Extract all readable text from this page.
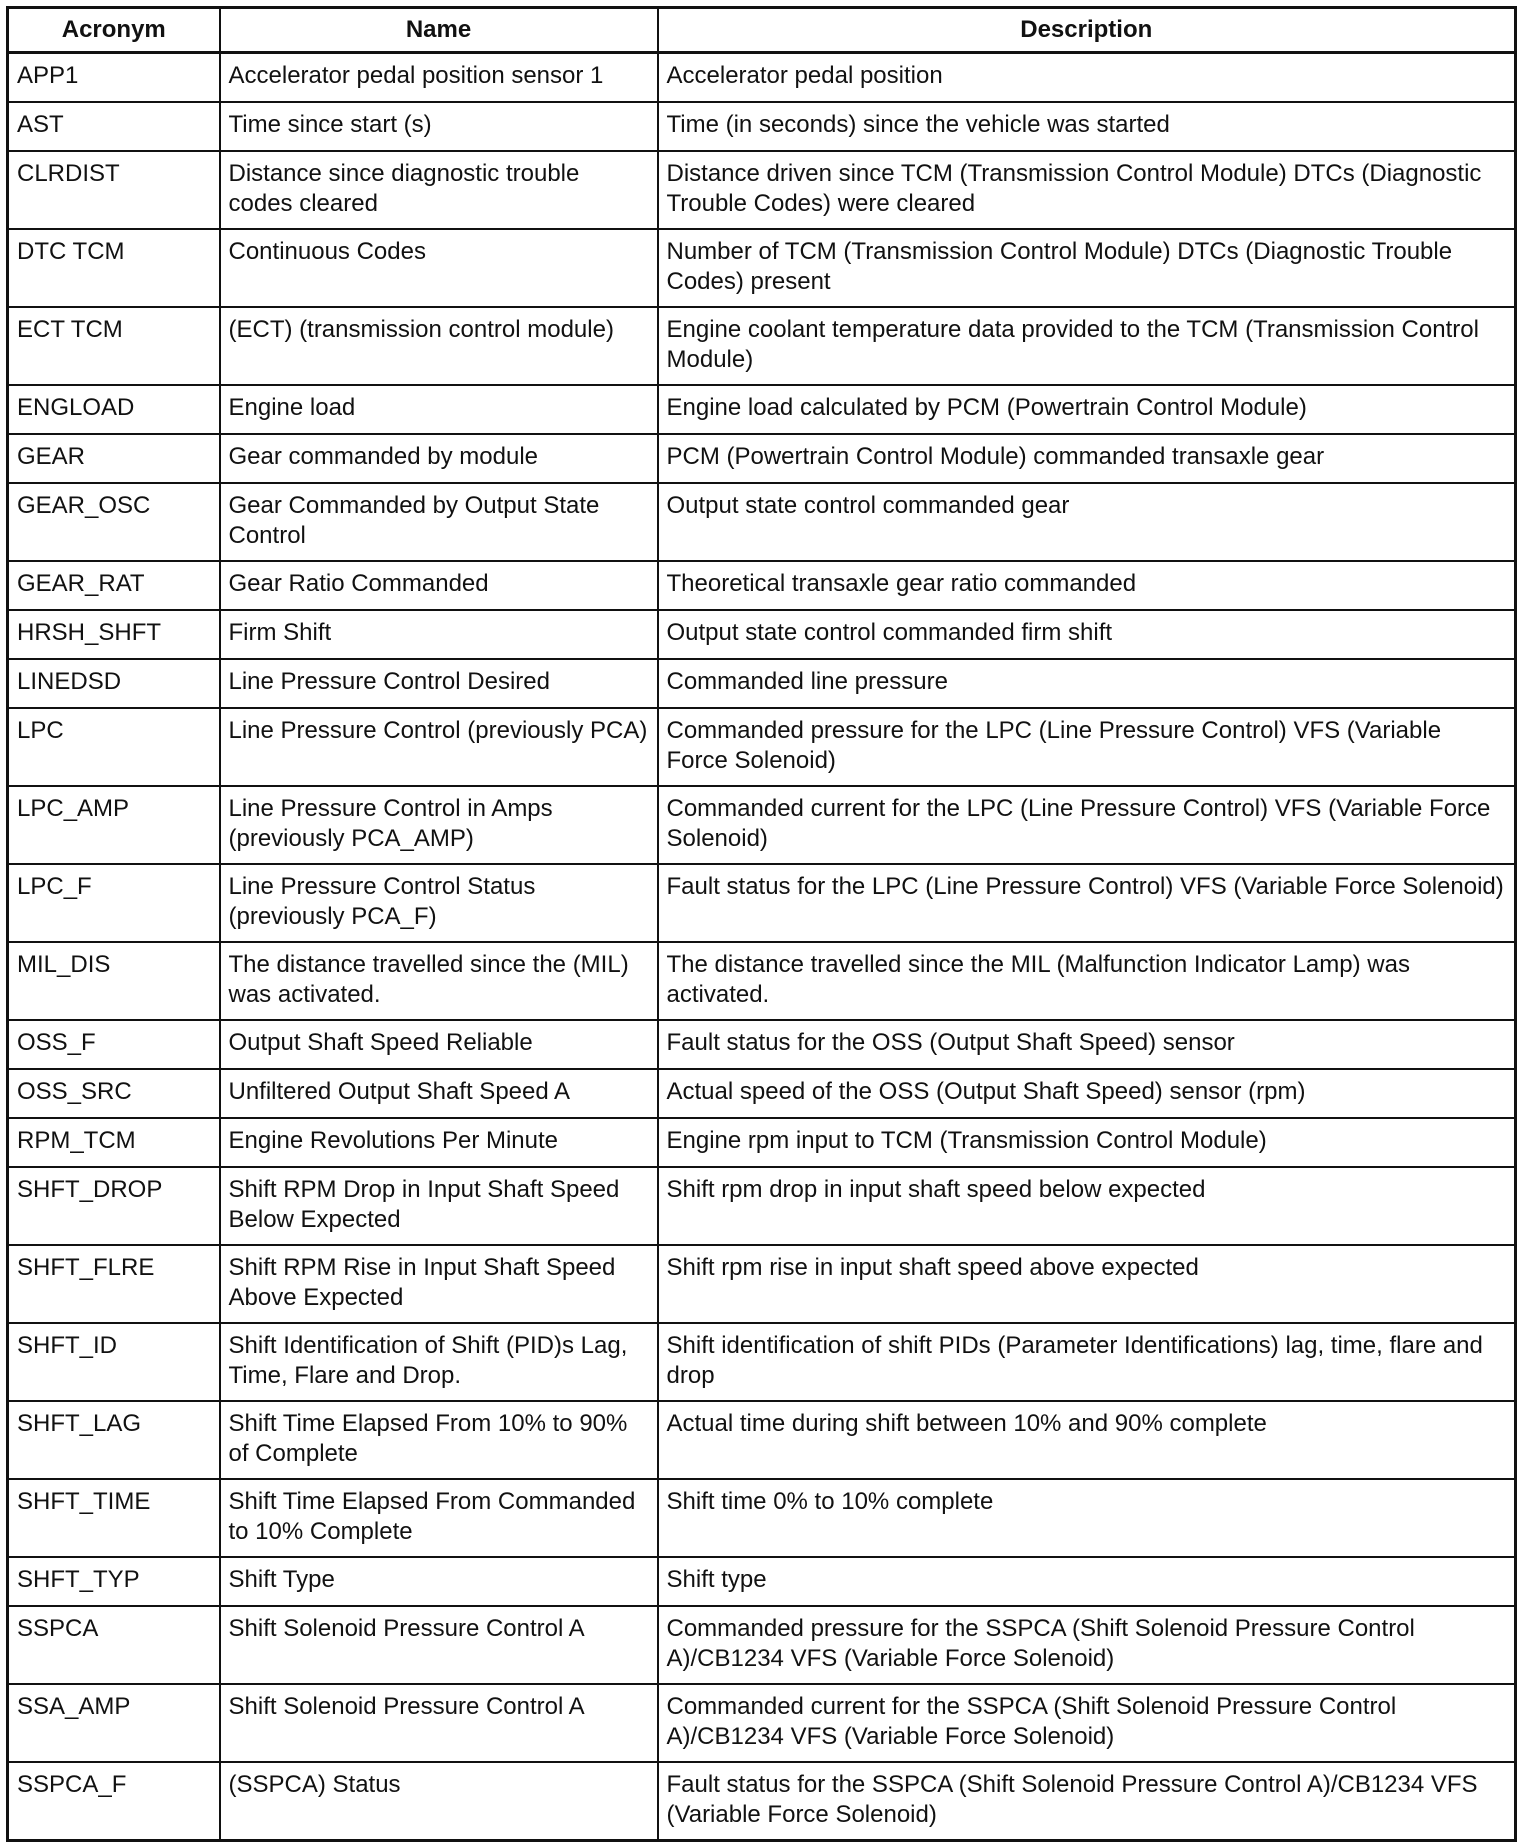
Acronym	Name	Description
APP1	Accelerator pedal position sensor 1	Accelerator pedal position
AST	Time since start (s)	Time (in seconds) since the vehicle was started
CLRDIST	Distance since diagnostic trouble codes cleared	Distance driven since TCM (Transmission Control Module) DTCs (Diagnostic Trouble Codes) were cleared
DTC TCM	Continuous Codes	Number of TCM (Transmission Control Module) DTCs (Diagnostic Trouble Codes) present
ECT TCM	(ECT) (transmission control module)	Engine coolant temperature data provided to the TCM (Transmission Control Module)
ENGLOAD	Engine load	Engine load calculated by PCM (Powertrain Control Module)
GEAR	Gear commanded by module	PCM (Powertrain Control Module) commanded transaxle gear
GEAR_OSC	Gear Commanded by Output State Control	Output state control commanded gear
GEAR_RAT	Gear Ratio Commanded	Theoretical transaxle gear ratio commanded
HRSH_SHFT	Firm Shift	Output state control commanded firm shift
LINEDSD	Line Pressure Control Desired	Commanded line pressure
LPC	Line Pressure Control (previously PCA)	Commanded pressure for the LPC (Line Pressure Control) VFS (Variable Force Solenoid)
LPC_AMP	Line Pressure Control in Amps (previously PCA_AMP)	Commanded current for the LPC (Line Pressure Control) VFS (Variable Force Solenoid)
LPC_F	Line Pressure Control Status (previously PCA_F)	Fault status for the LPC (Line Pressure Control) VFS (Variable Force Solenoid)
MIL_DIS	The distance travelled since the (MIL) was activated.	The distance travelled since the MIL (Malfunction Indicator Lamp) was activated.
OSS_F	Output Shaft Speed Reliable	Fault status for the OSS (Output Shaft Speed) sensor
OSS_SRC	Unfiltered Output Shaft Speed A	Actual speed of the OSS (Output Shaft Speed) sensor (rpm)
RPM_TCM	Engine Revolutions Per Minute	Engine rpm input to TCM (Transmission Control Module)
SHFT_DROP	Shift RPM Drop in Input Shaft Speed Below Expected	Shift rpm drop in input shaft speed below expected
SHFT_FLRE	Shift RPM Rise in Input Shaft Speed Above Expected	Shift rpm rise in input shaft speed above expected
SHFT_ID	Shift Identification of Shift (PID)s Lag, Time, Flare and Drop.	Shift identification of shift PIDs (Parameter Identifications) lag, time, flare and drop
SHFT_LAG	Shift Time Elapsed From 10% to 90% of Complete	Actual time during shift between 10% and 90% complete
SHFT_TIME	Shift Time Elapsed From Commanded to 10% Complete	Shift time 0% to 10% complete
SHFT_TYP	Shift Type	Shift type
SSPCA	Shift Solenoid Pressure Control A	Commanded pressure for the SSPCA (Shift Solenoid Pressure Control A)/CB1234 VFS (Variable Force Solenoid)
SSA_AMP	Shift Solenoid Pressure Control A	Commanded current for the SSPCA (Shift Solenoid Pressure Control A)/CB1234 VFS (Variable Force Solenoid)
SSPCA_F	(SSPCA) Status	Fault status for the SSPCA (Shift Solenoid Pressure Control A)/CB1234 VFS (Variable Force Solenoid)
